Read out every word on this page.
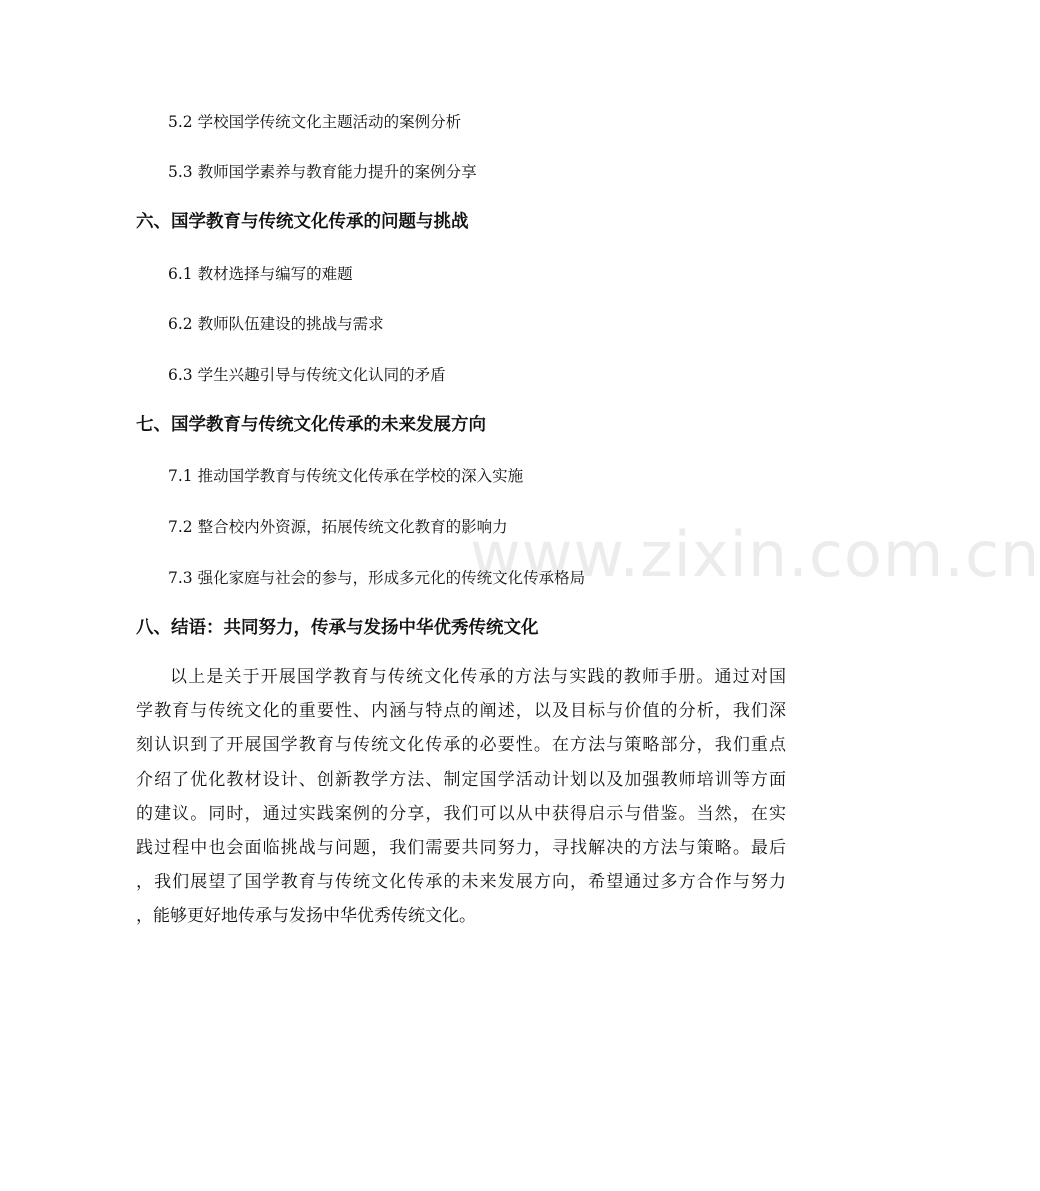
www.zixin.com.cn
5.2 学校国学传统文化主题活动的案例分析
5.3 教师国学素养与教育能力提升的案例分享
六、国学教育与传统文化传承的问题与挑战
6.1 教材选择与编写的难题
6.2 教师队伍建设的挑战与需求
6.3 学生兴趣引导与传统文化认同的矛盾
七、国学教育与传统文化传承的未来发展方向
7.1 推动国学教育与传统文化传承在学校的深入实施
7.2 整合校内外资源，拓展传统文化教育的影响力
7.3 强化家庭与社会的参与，形成多元化的传统文化传承格局
八、结语：共同努力，传承与发扬中华优秀传统文化
以上是关于开展国学教育与传统文化传承的方法与实践的教师手册。通过对国
学教育与传统文化的重要性、内涵与特点的阐述，以及目标与价值的分析，我们深
刻认识到了开展国学教育与传统文化传承的必要性。在方法与策略部分，我们重点
介绍了优化教材设计、创新教学方法、制定国学活动计划以及加强教师培训等方面
的建议。同时，通过实践案例的分享，我们可以从中获得启示与借鉴。当然，在实
践过程中也会面临挑战与问题，我们需要共同努力，寻找解决的方法与策略。最后
，我们展望了国学教育与传统文化传承的未来发展方向，希望通过多方合作与努力
，能够更好地传承与发扬中华优秀传统文化。
